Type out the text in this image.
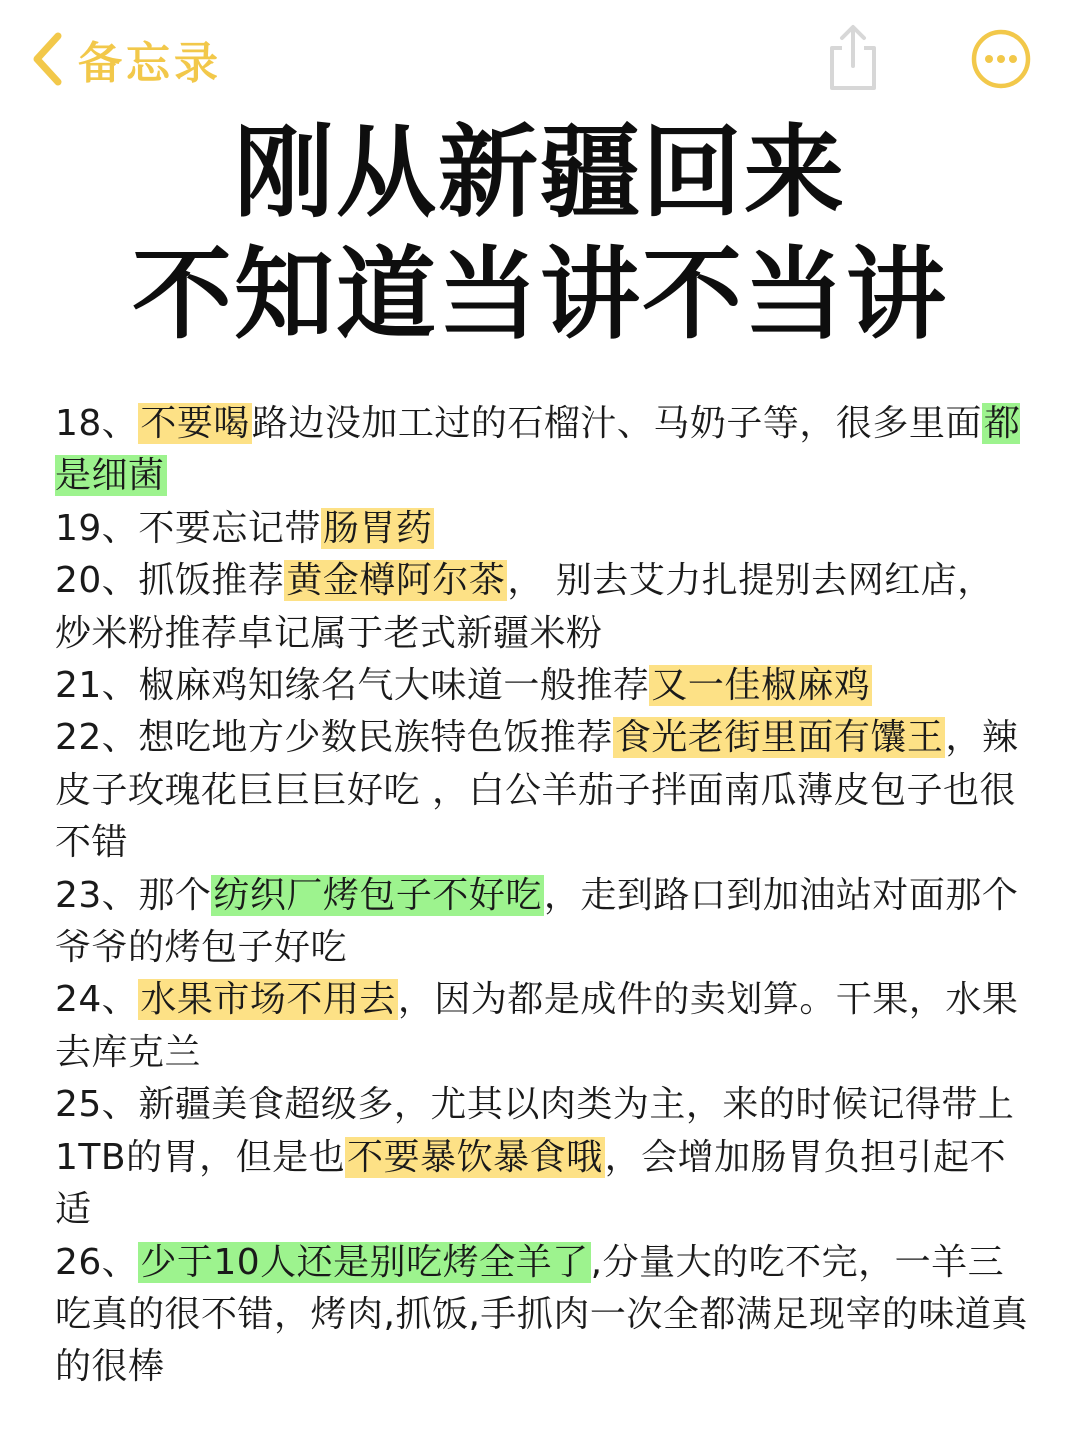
备忘录
刚从新疆回来
不知道当讲不当讲
18、不要喝路边没加工过的石榴汁、马奶子等，很多里面都是细菌
19、不要忘记带肠胃药
20、抓饭推荐黄金樽阿尔茶， 别去艾力扎提别去网红店，炒米粉推荐卓记属于老式新疆米粉
21、椒麻鸡知缘名气大味道一般推荐又一佳椒麻鸡
22、想吃地方少数民族特色饭推荐食光老街里面有馕王，辣皮子玫瑰花巨巨巨好吃 ，白公羊茄子拌面南瓜薄皮包子也很不错
23、那个纺织厂烤包子不好吃，走到路口到加油站对面那个爷爷的烤包子好吃
24、水果市场不用去，因为都是成件的卖划算。干果，水果去库克兰
25、新疆美食超级多，尤其以肉类为主，来的时候记得带上1TB的胃，但是也不要暴饮暴食哦，会增加肠胃负担引起不适
26、少于10人还是别吃烤全羊了,分量大的吃不完，一羊三吃真的很不错，烤肉,抓饭,手抓肉一次全都满足现宰的味道真的很棒
